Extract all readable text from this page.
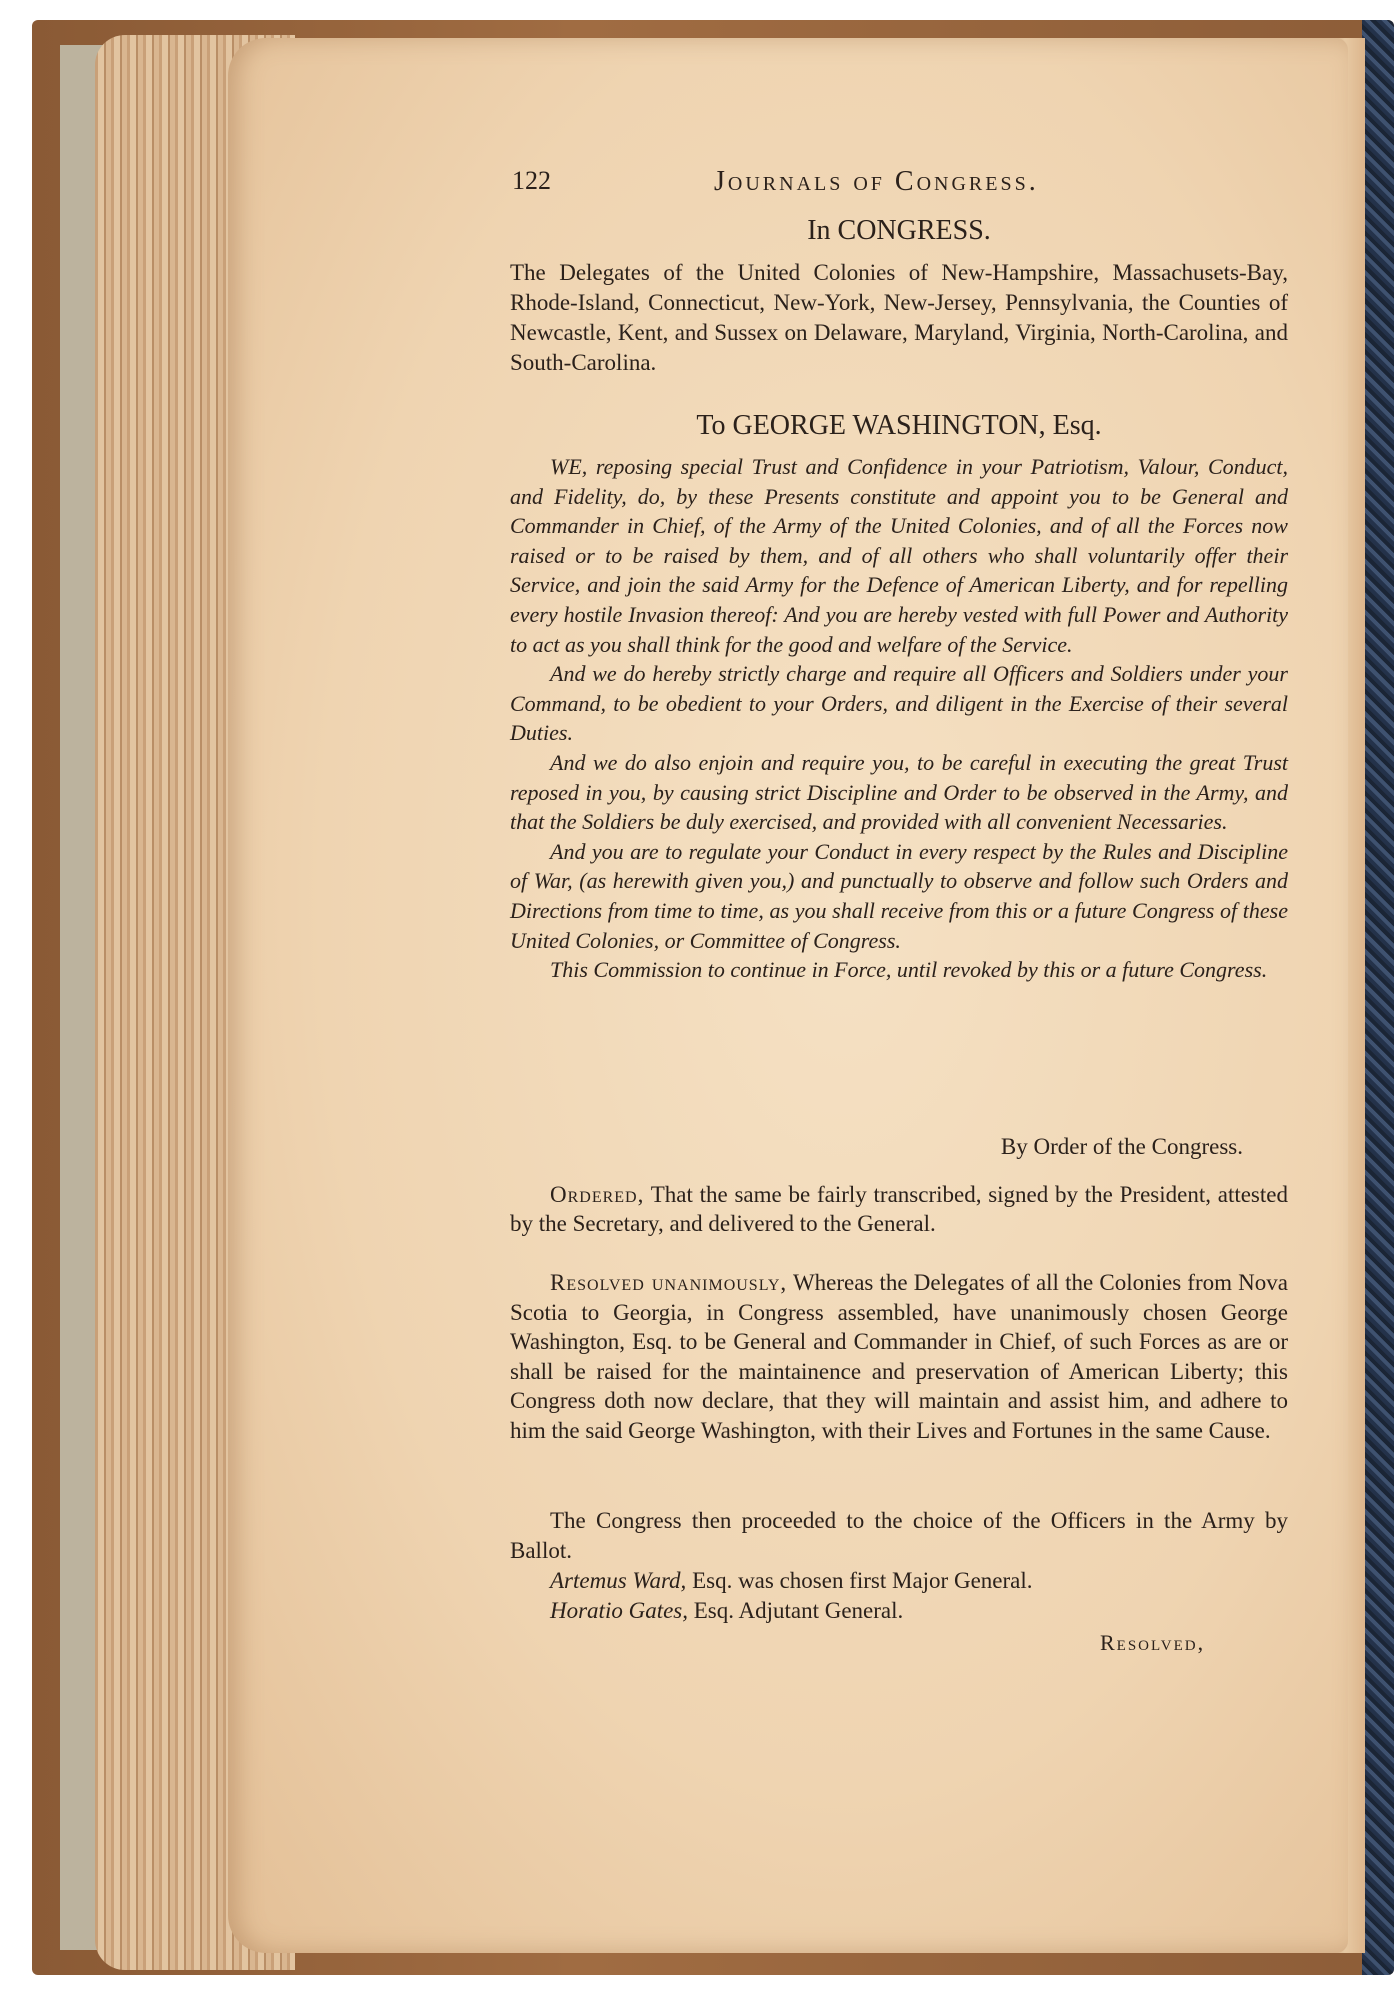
122	Journals of Congress.
In CONGRESS.

The Delegates of the United Colonies of New-Hampshire, Massachusets-Bay, Rhode-Island, Connecticut, New-York, New-Jersey, Pennsylvania, the Counties of Newcastle, Kent, and Sussex on Delaware, Maryland, Virginia, North-Carolina, and South-Carolina.

To GEORGE WASHINGTON, Esq.

WE, reposing special Trust and Confidence in your Patriotism, Valour, Conduct, and Fidelity, do, by these Presents constitute and appoint you to be General and Commander in Chief, of the Army of the United Colonies, and of all the Forces now raised or to be raised by them, and of all others who shall voluntarily offer their Service, and join the said Army for the Defence of American Liberty, and for repelling every hostile Invasion thereof: And you are hereby vested with full Power and Authority to act as you shall think for the good and welfare of the Service.

And we do hereby strictly charge and require all Officers and Soldiers under your Command, to be obedient to your Orders, and diligent in the Exercise of their several Duties.

And we do also enjoin and require you, to be careful in executing the great Trust reposed in you, by causing strict Discipline and Order to be observed in the Army, and that the Soldiers be duly exercised, and provided with all convenient Necessaries.

And you are to regulate your Conduct in every respect by the Rules and Discipline of War, (as herewith given you,) and punctually to observe and follow such Orders and Directions from time to time, as you shall receive from this or a future Congress of these United Colonies, or Committee of Congress.

This Commission to continue in Force, until revoked by this or a future Congress.

By Order of the Congress.

Ordered, That the same be fairly transcribed, signed by the President, attested by the Secretary, and delivered to the General.

Resolved unanimously, Whereas the Delegates of all the Colonies from Nova Scotia to Georgia, in Congress assembled, have unanimously chosen George Washington, Esq. to be General and Commander in Chief, of such Forces as are or shall be raised for the maintainence and preservation of American Liberty; this Congress doth now declare, that they will maintain and assist him, and adhere to him the said George Washington, with their Lives and Fortunes in the same Cause.

The Congress then proceeded to the choice of the Officers in the Army by Ballot.

Artemus Ward, Esq. was chosen first Major General.

Horatio Gates, Esq. Adjutant General.

Resolved,
